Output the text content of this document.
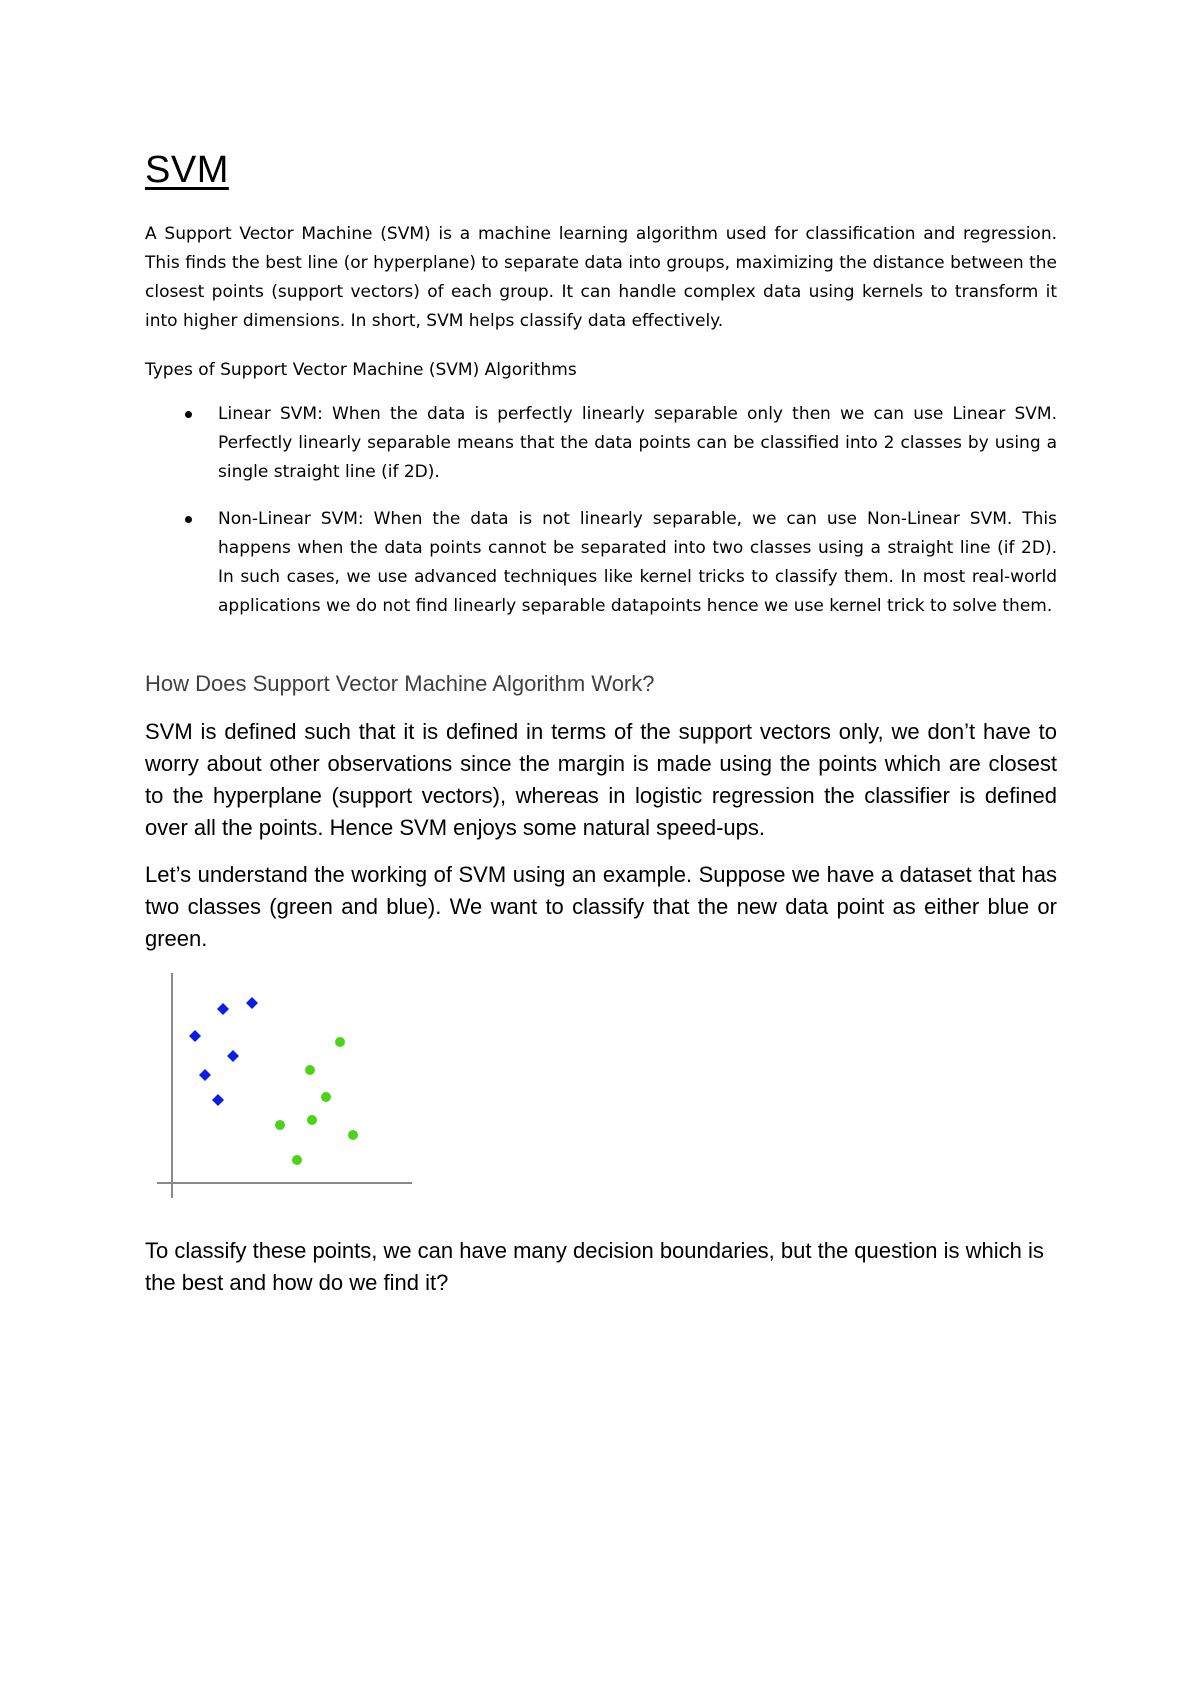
SVM

A Support Vector Machine (SVM) is a machine learning algorithm used for classification and regression. This finds the best line (or hyperplane) to separate data into groups, maximizing the distance between the closest points (support vectors) of each group. It can handle complex data using kernels to transform it into higher dimensions. In short, SVM helps classify data effectively.

Types of Support Vector Machine (SVM) Algorithms

Linear SVM: When the data is perfectly linearly separable only then we can use Linear SVM. Perfectly linearly separable means that the data points can be classified into 2 classes by using a single straight line (if 2D).
Non-Linear SVM: When the data is not linearly separable, we can use Non-Linear SVM. This happens when the data points cannot be separated into two classes using a straight line (if 2D). In such cases, we use advanced techniques like kernel tricks to classify them. In most real-world applications we do not find linearly separable datapoints hence we use kernel trick to solve them.
How Does Support Vector Machine Algorithm Work?

SVM is defined such that it is defined in terms of the support vectors only, we don’t have to worry about other observations since the margin is made using the points which are closest to the hyperplane (support vectors), whereas in logistic regression the classifier is defined over all the points. Hence SVM enjoys some natural speed-ups.

Let’s understand the working of SVM using an example. Suppose we have a dataset that has two classes (green and blue). We want to classify that the new data point as either blue or green.

To classify these points, we can have many decision boundaries, but the question is which is the best and how do we find it?
